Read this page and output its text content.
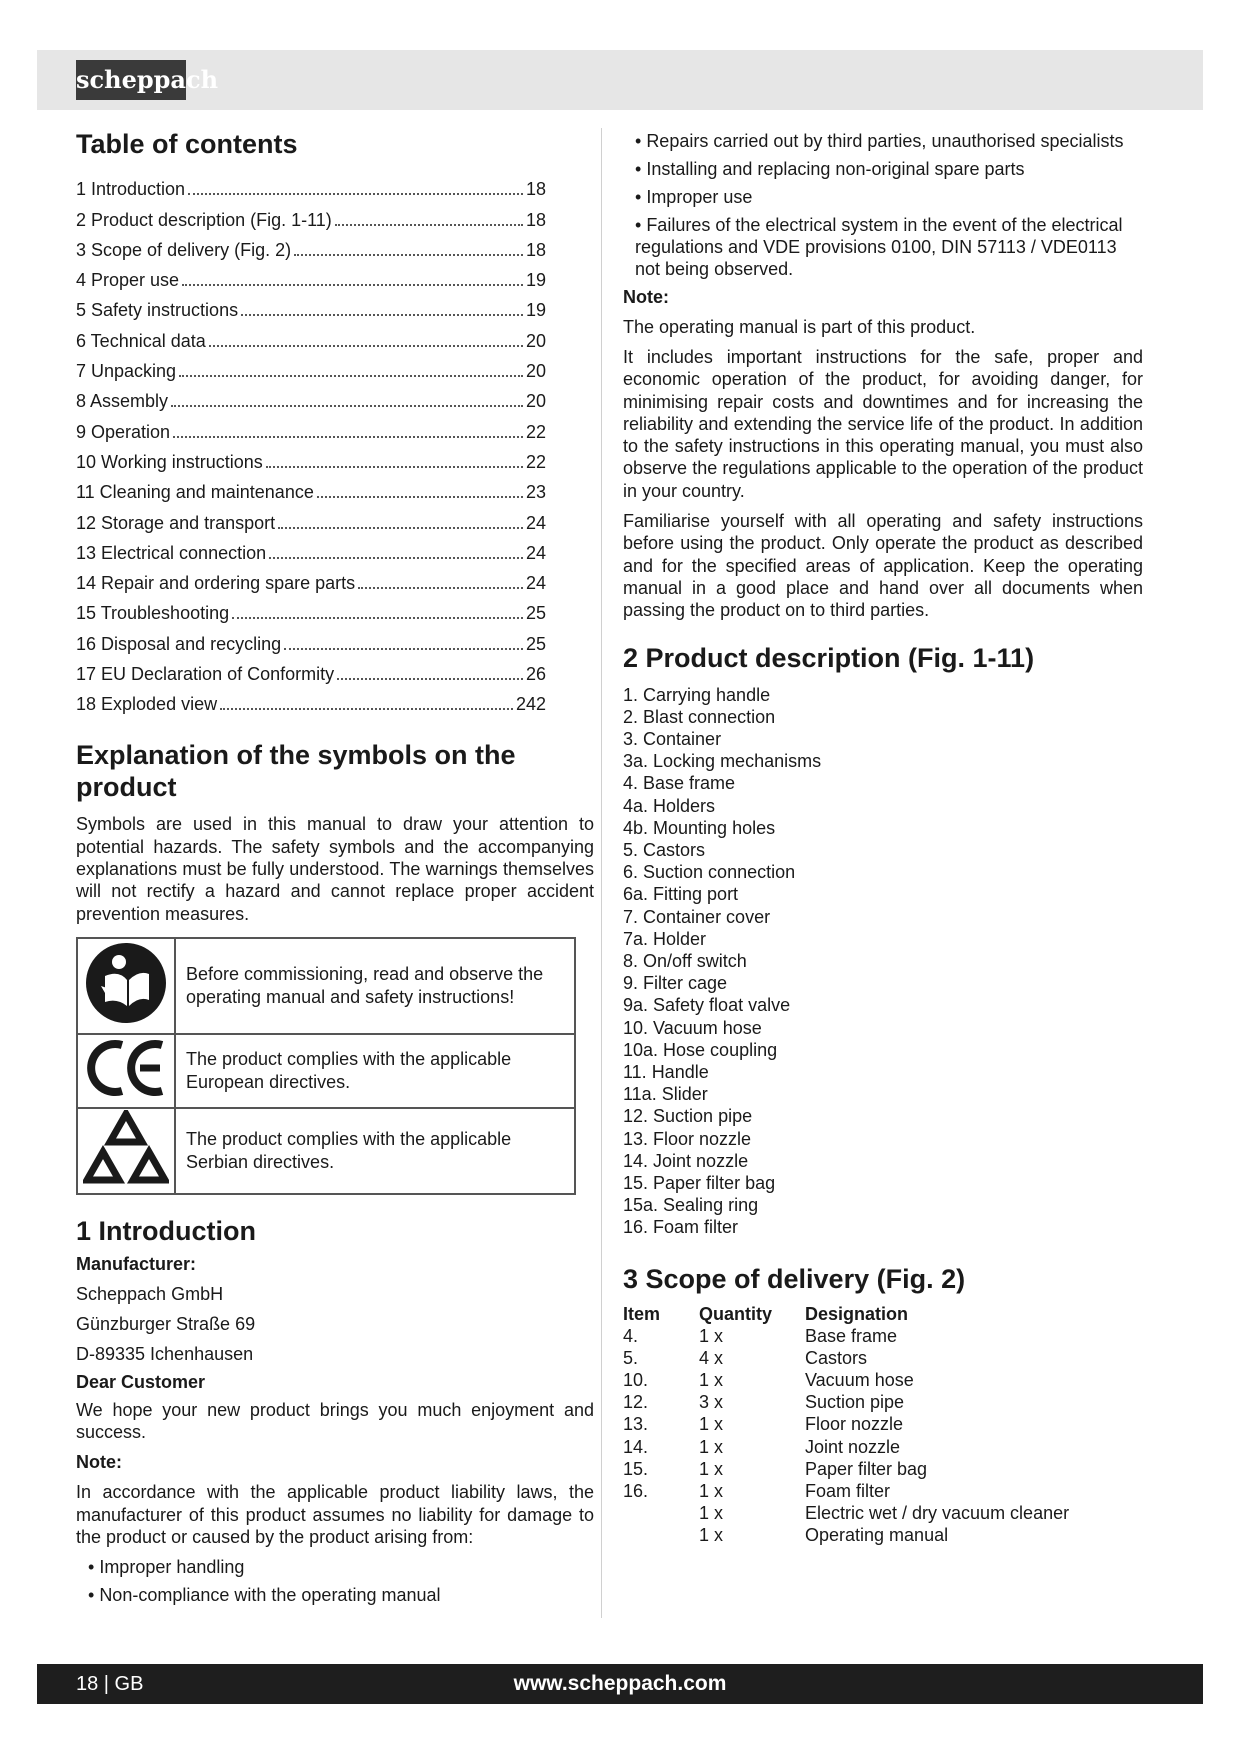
scheppach
Table of contents
1 Introduction	18
2 Product description (Fig. 1-11)	18
3 Scope of delivery (Fig. 2)	18
4 Proper use	19
5 Safety instructions	19
6 Technical data	20
7 Unpacking	20
8 Assembly	20
9 Operation	22
10 Working instructions	22
11 Cleaning and maintenance	23
12 Storage and transport	24
13 Electrical connection	24
14 Repair and ordering spare parts	24
15 Troubleshooting	25
16 Disposal and recycling	25
17 EU Declaration of Conformity	26
18 Exploded view	242
Explanation of the symbols on the product

Symbols are used in this manual to draw your attention to potential hazards. The safety symbols and the accompanying explanations must be fully understood. The warnings themselves will not rectify a hazard and cannot replace proper accident prevention measures.

	Before commissioning, read and observe the operating manual and safety instructions!
	The product complies with the applicable European directives.
	The product complies with the applicable Serbian directives.
1 Introduction

Manufacturer:

Scheppach GmbH

Günzburger Straße 69

D-89335 Ichenhausen

Dear Customer

We hope your new product brings you much enjoyment and success.

Note:

In accordance with the applicable product liability laws, the manufacturer of this product assumes no liability for damage to the product or caused by the product arising from:

• Improper handling

• Non-compliance with the operating manual

• Repairs carried out by third parties, unauthorised specialists

• Installing and replacing non-original spare parts

• Improper use

• Failures of the electrical system in the event of the electrical regulations and VDE provisions 0100, DIN 57113 / VDE0113 not being observed.

Note:

The operating manual is part of this product.

It includes important instructions for the safe, proper and economic operation of the product, for avoiding danger, for minimising repair costs and downtimes and for increasing the reliability and extending the service life of the product. In addition to the safety instructions in this operating manual, you must also observe the regulations applicable to the operation of the product in your country.

Familiarise yourself with all operating and safety instructions before using the product. Only operate the product as described and for the specified areas of application. Keep the operating manual in a good place and hand over all documents when passing the product on to third parties.

2 Product description (Fig. 1-11)
1. Carrying handle
2. Blast connection
3. Container
3a. Locking mechanisms
4. Base frame
4a. Holders
4b. Mounting holes
5. Castors
6. Suction connection
6a. Fitting port
7. Container cover
7a. Holder
8. On/off switch
9. Filter cage
9a. Safety float valve
10. Vacuum hose
10a. Hose coupling
11. Handle
11a. Slider
12. Suction pipe
13. Floor nozzle
14. Joint nozzle
15. Paper filter bag
15a. Sealing ring
16. Foam filter
3 Scope of delivery (Fig. 2)
Item	Quantity	Designation
4.	1 x	Base frame
5.	4 x	Castors
10.	1 x	Vacuum hose
12.	3 x	Suction pipe
13.	1 x	Floor nozzle
14.	1 x	Joint nozzle
15.	1 x	Paper filter bag
16.	1 x	Foam filter
	1 x	Electric wet / dry vacuum cleaner
	1 x	Operating manual
18 | GB	www.scheppach.com
